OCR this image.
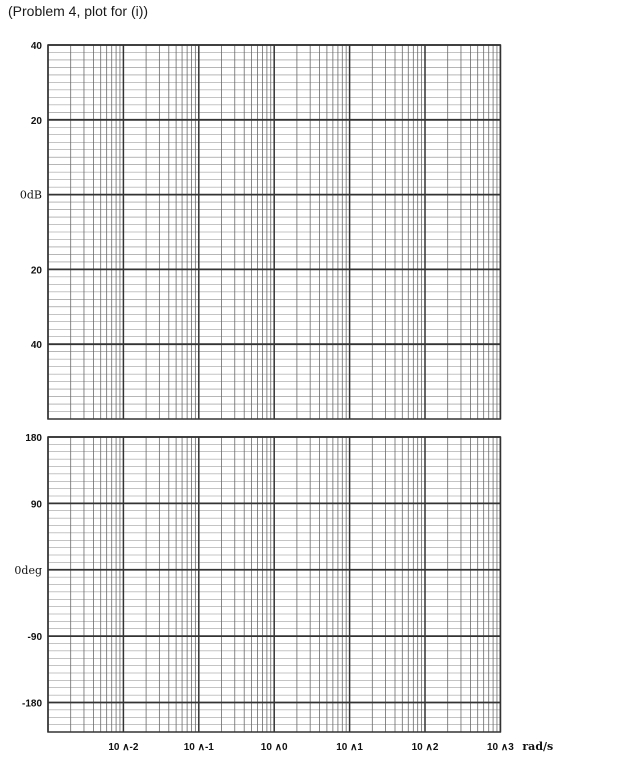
(Problem 4, plot for (i))
40
20
0dB
20
40
180
90
0deg
-90
-180
10 ∧-2	10 ∧-1	10 ∧0	10 ∧1	10 ∧2	10 ∧3 rad/s
